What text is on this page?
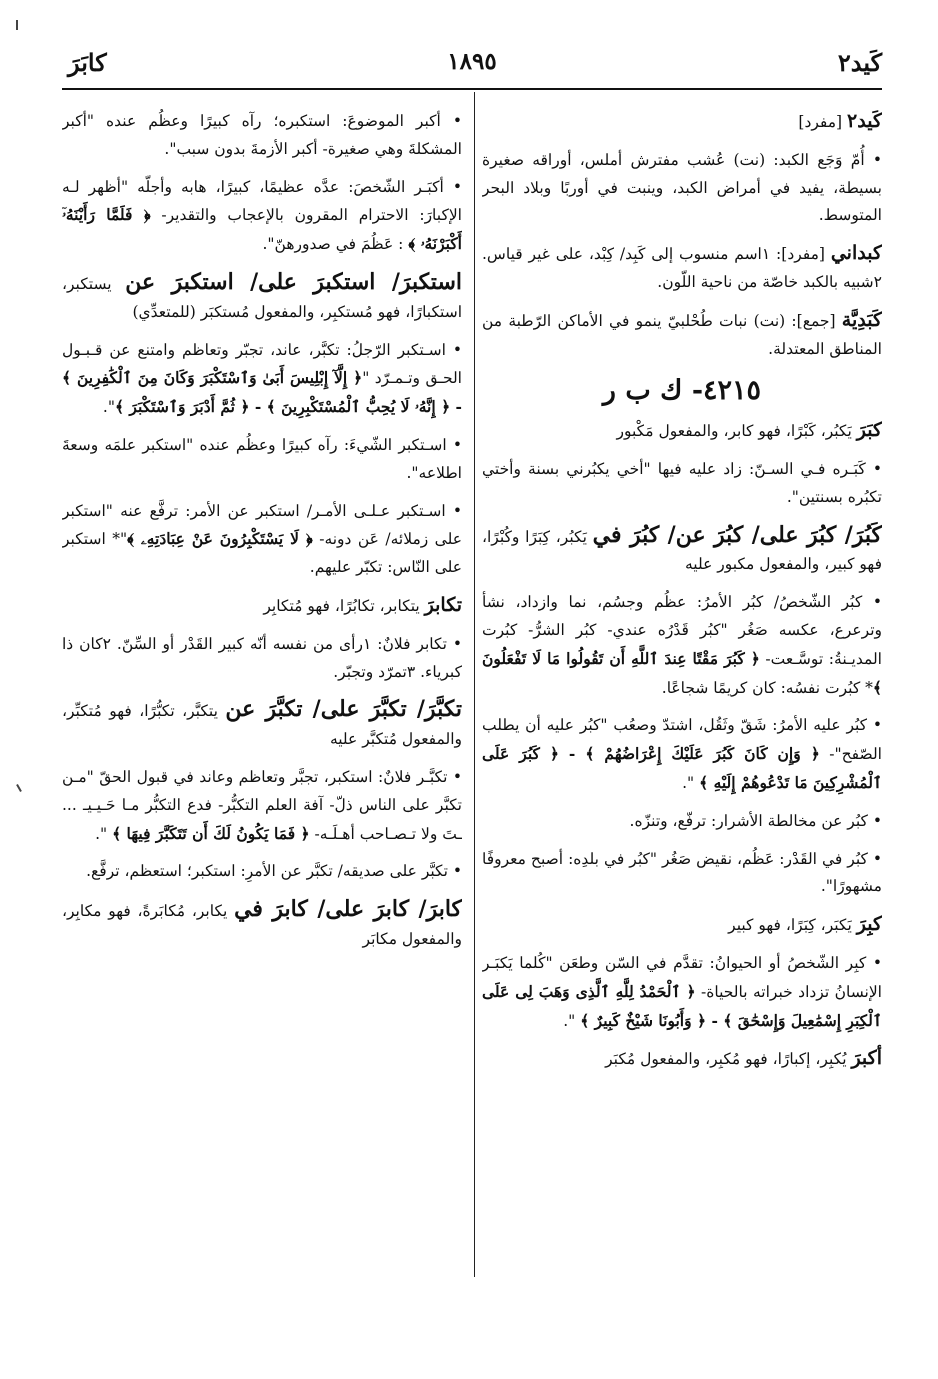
كَيد٢
١٨٩٥
كابَرَ

كَيد٢ [مفرد]

• أُمّ وَجَع الكبد: (نت) عُشب مفترش أملس، أوراقه صغيرة بسيطة، يفيد في أمراض الكبد، وينبت في أوربًا وبلاد البحر المتوسط.

كبداني [مفرد]: ١اسم منسوب إلى كَبِد/ كِبْد، على غير قياس. ٢شبيه بالكبد خاصّة من ناحية اللّون.

كَبَدِيَّة [جمع]: (نت) نبات طُحْلبيّ ينمو في الأماكن الرّطبة من المناطق المعتدلة.

٤٢١٥- ك ب ر

كبَرَ يَكبُر، كَبْرًا، فهو كابر، والمفعول مَكْبور

• كَبَـره فـي السـنّ: زاد عليه فيها "أخي يكبُرني بسنة وأختي تكبُره بسنتين".

كَبُرَ/ كبُرَ على/ كبُرَ عن/ كبُرَ في يَكبُر، كِبَرًا وكُبْرًا، فهو كبير، والمفعول مكبور عليه

• كبُر الشّخصُ/ كبُر الأمرُ: عظُم وجسُم، نما وازداد، نشأ وترعرع، عكسه صَغُر "كبُر قَدْرُه عندي- كبُر الشرُّ- كبُرت المديـنةُ: توسَّـعت- ﴿ كَبُرَ مَقْتًا عِندَ ٱللَّهِ أَن تَقُولُوا مَا لَا تَفْعَلُونَ ﴾* كبُرت نفسُه: كان كريمًا شجاعًا.

• كبُر عليه الأمرُ: شَقّ وثَقُل، اشتدّ وصعُب "كبُر عليه أن يطلب الصّفح"- ﴿ وَإِن كَانَ كَبُرَ عَلَيْكَ إِعْرَاضُهُمْ ﴾ - ﴿ كَبُرَ عَلَى ٱلْمُشْرِكِينَ مَا تَدْعُوهُمْ إِلَيْهِ ﴾ ".

• كبُر عن مخالطة الأشرار: ترفّع، وتنزّه.

• كبُر في القَدْر: عَظُم، نقيض صَغُر "كبُر في بلدِه: أصبح معروفًا مشهورًا".

كبِرَ يَكبَر، كِبَرًا، فهو كبير

• كبِر الشّخصُ أو الحيوانُ: تقدَّم في السّن وطعَن "كُلما يَكبَـر الإنسانُ تزداد خبراته بالحياة- ﴿ ٱلْحَمْدُ لِلَّهِ ٱلَّذِى وَهَبَ لِى عَلَى ٱلْكِبَرِ إِسْمَٰعِيلَ وَإِسْحَٰقَ ﴾ - ﴿ وَأَبُونَا شَيْخٌ كَبِيرٌ ﴾ ".

أكبرَ يُكبِر، إكبارًا، فهو مُكبِر، والمفعول مُكبَر

• أكبر الموضوعَ: استكبره؛ رآه كبيرًا وعظُم عنده "أكبر المشكلةَ وهي صغيرة- أكبر الأزمةَ بدون سبب".

• أكبَـر الشّخصَ: عدَّه عظيمًا، كبيرًا، هابه وأجلّه "أظهر لـه الإكبارَ: الاحترام المقرون بالإعجاب والتقدير- ﴿ فَلَمَّا رَأَيْنَهُۥٓ أَكْبَرْنَهُۥ ﴾ : عَظُمَ في صدورهنّ".

استكبرَ/ استكبرَ على/ استكبرَ عن يستكبر، استكبارًا، فهو مُستكبِر، والمفعول مُستكبَر (للمتعدِّي)

• اسـتكبر الرّجلُ: تكبَّر، عاند، تجبّر وتعاظم وامتنع عن قـبـول الحـق وتـمـرّد "﴿ إِلَّآ إِبْلِيسَ أَبَىٰ وَٱسْتَكْبَرَ وَكَانَ مِنَ ٱلْكَٰفِرِينَ ﴾ - ﴿ إِنَّهُۥ لَا يُحِبُّ ٱلْمُسْتَكْبِرِينَ ﴾ - ﴿ ثُمَّ أَدْبَرَ وَٱسْتَكْبَرَ ﴾".

• اسـتكبر الشّيءَ: رآه كبيرًا وعظُم عنده "استكبر علمَه وسعةَ اطلاعه".

• اسـتكبر عـلـى الأمـر/ استكبر عن الأمر: ترفَّع عنه "استكبر على زملائه/ عَن دونه- ﴿ لَا يَسْتَكْبِرُونَ عَنْ عِبَادَتِهِۦ ﴾"* استكبر على النّاس: تكبّر عليهم.

تكابرَ يتكابر، تكابُرًا، فهو مُتكابِر

• تكابر فلانٌ: ١رأى من نفسه أنّه كبير القَدْر أو السِّنّ. ٢كان ذا كبرياء. ٣تمرّد وتجبّر.

تكبَّرَ/ تكبَّرَ على/ تكبَّرَ عن يتكبَّر، تكبُّرًا، فهو مُتكبِّر، والمفعول مُتكبَّر عليه

• تكبَّـر فلانٌ: استكبر، تجبَّر وتعاظم وعاند في قبول الحقّ "مـن تكبَّر على الناس ذلّ- آفة العلم التكبُّر- فدع التكبُّر مـا حَـيـيـ ... ـتَ ولا تـصـاحب أهـلَـه- ﴿ فَمَا يَكُونُ لَكَ أَن تَتَكَبَّرَ فِيهَا ﴾ ".

• تكبَّر على صديقه/ تكبَّر عن الأمرِ: استكبر؛ استعظم، ترفَّع.

كابرَ/ كابرَ على/ كابرَ في يكابر، مُكابَرةً، فهو مكابِر، والمفعول مكابَر
